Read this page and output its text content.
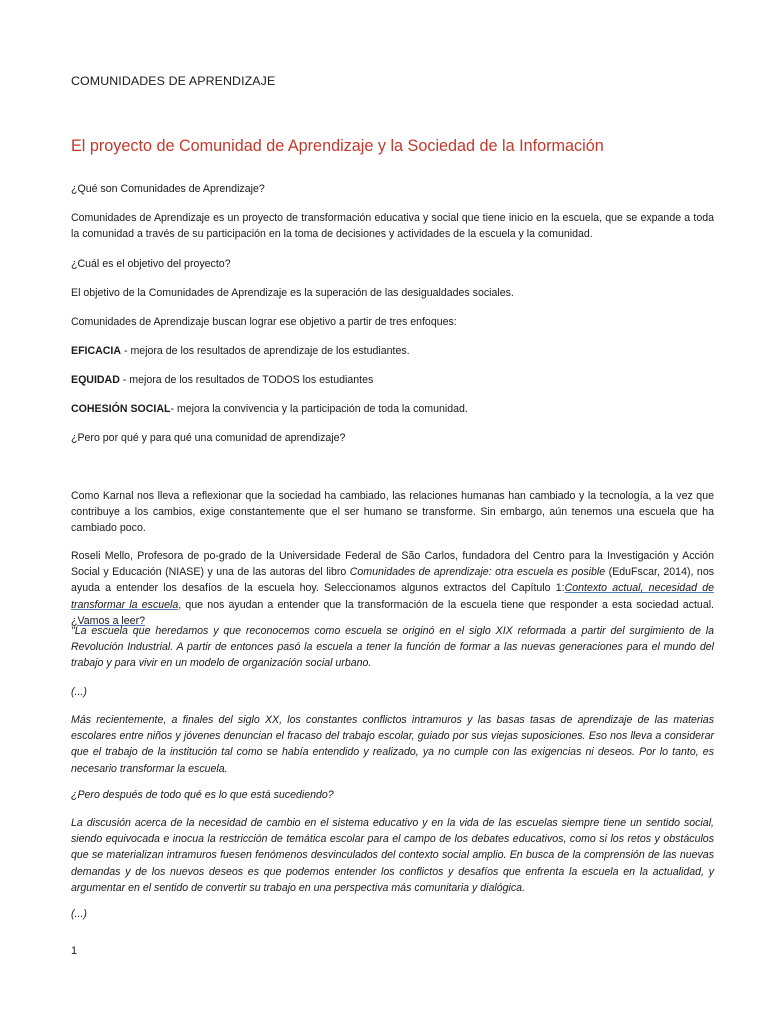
COMUNIDADES DE APRENDIZAJE
El proyecto de Comunidad de Aprendizaje y la Sociedad de la Información

¿Qué son Comunidades de Aprendizaje?

Comunidades de Aprendizaje es un proyecto de transformación educativa y social que tiene inicio en la escuela, que se expande a toda la comunidad a través de su participación en la toma de decisiones y actividades de la escuela y la comunidad.

¿Cuál es el objetivo del proyecto?

El objetivo de la Comunidades de Aprendizaje es la superación de las desigualdades sociales.

Comunidades de Aprendizaje buscan lograr ese objetivo a partir de tres enfoques:

EFICACIA - mejora de los resultados de aprendizaje de los estudiantes.

EQUIDAD - mejora de los resultados de TODOS los estudiantes

COHESIÓN SOCIAL- mejora la convivencia y la participación de toda la comunidad.

¿Pero por qué y para qué una comunidad de aprendizaje?

Como Karnal nos lleva a reflexionar que la sociedad ha cambiado, las relaciones humanas han cambiado y la tecnología, a la vez que contribuye a los cambios, exige constantemente que el ser humano se transforme. Sin embargo, aún tenemos una escuela que ha cambiado poco.

Roseli Mello, Profesora de po-grado de la Universidade Federal de São Carlos, fundadora del Centro para la Investigación y Acción Social y Educación (NIASE) y una de las autoras del libro Comunidades de aprendizaje: otra escuela es posible (EduFscar, 2014), nos ayuda a entender los desafíos de la escuela hoy. Seleccionamos algunos extractos del Capítulo 1:Contexto actual, necesidad de transformar la escuela, que nos ayudan a entender que la transformación de la escuela tiene que responder a esta sociedad actual. ¿Vamos a leer?

"La escuela que heredamos y que reconocemos como escuela se originó en el siglo XIX reformada a partir del surgimiento de la Revolución Industrial. A partir de entonces pasó la escuela a tener la función de formar a las nuevas generaciones para el mundo del trabajo y para vivir en un modelo de organización social urbano.

(...)

Más recientemente, a finales del siglo XX, los constantes conflictos intramuros y las basas tasas de aprendizaje de las materias escolares entre niños y jóvenes denuncian el fracaso del trabajo escolar, guiado por sus viejas suposiciones. Eso nos lleva a considerar que el trabajo de la institución tal como se había entendido y realizado, ya no cumple con las exigencias ni deseos. Por lo tanto, es necesario transformar la escuela.

¿Pero después de todo qué es lo que está sucediendo?

La discusión acerca de la necesidad de cambio en el sistema educativo y en la vida de las escuelas siempre tiene un sentido social, siendo equivocada e inocua la restricción de temática escolar para el campo de los debates educativos, como si los retos y obstáculos que se materializan intramuros fuesen fenómenos desvinculados del contexto social amplio. En busca de la comprensión de las nuevas demandas y de los nuevos deseos es que podemos entender los conflictos y desafíos que enfrenta la escuela en la actualidad, y argumentar en el sentido de convertir su trabajo en una perspectiva más comunitaria y dialógica.

(...)

1
